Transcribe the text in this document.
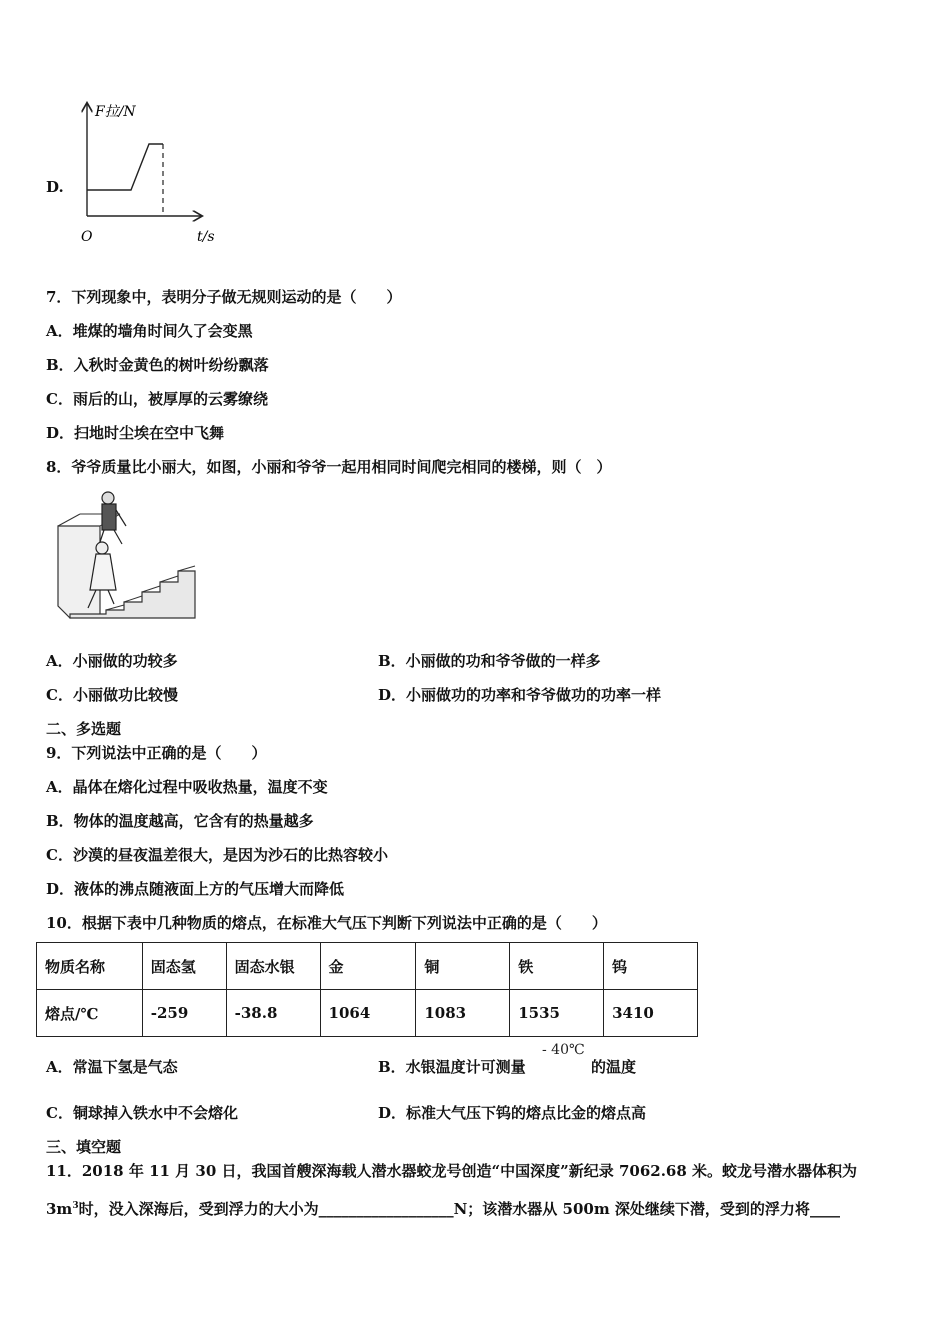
D.
F拉/N
t/s
O
7．下列现象中，表明分子做无规则运动的是（　　）
A．堆煤的墙角时间久了会变黑
B．入秋时金黄色的树叶纷纷飘落
C．雨后的山，被厚厚的云雾缭绕
D．扫地时尘埃在空中飞舞
8．爷爷质量比小丽大，如图，小丽和爷爷一起用相同时间爬完相同的楼梯，则（　）
A．小丽做的功较多	B．小丽做的功和爷爷做的一样多
C．小丽做功比较慢	D．小丽做功的功率和爷爷做功的功率一样
二、多选题
9．下列说法中正确的是（　　）
A．晶体在熔化过程中吸收热量，温度不变
B．物体的温度越高，它含有的热量越多
C．沙漠的昼夜温差很大，是因为沙石的比热容较小
D．液体的沸点随液面上方的气压增大而降低
10．根据下表中几种物质的熔点，在标准大气压下判断下列说法中正确的是（　　）
物质名称	固态氢	固态水银	金	铜	铁	钨
熔点/℃	-259	-38.8	1064	1083	1535	3410
A．常温下氢是气态	B．水银温度计可测量
- 40℃
的温度
C．铜球掉入铁水中不会熔化	D．标准大气压下钨的熔点比金的熔点高
三、填空题
11．2018 年 11 月 30 日，我国首艘深海载人潜水器蛟龙号创造“中国深度”新纪录 7062.68 米。蛟龙号潜水器体积为
$3m^3$时，没入深海后，受到浮力的大小为__________________N；该潜水器从 500m 深处继续下潜，受到的浮力将____
